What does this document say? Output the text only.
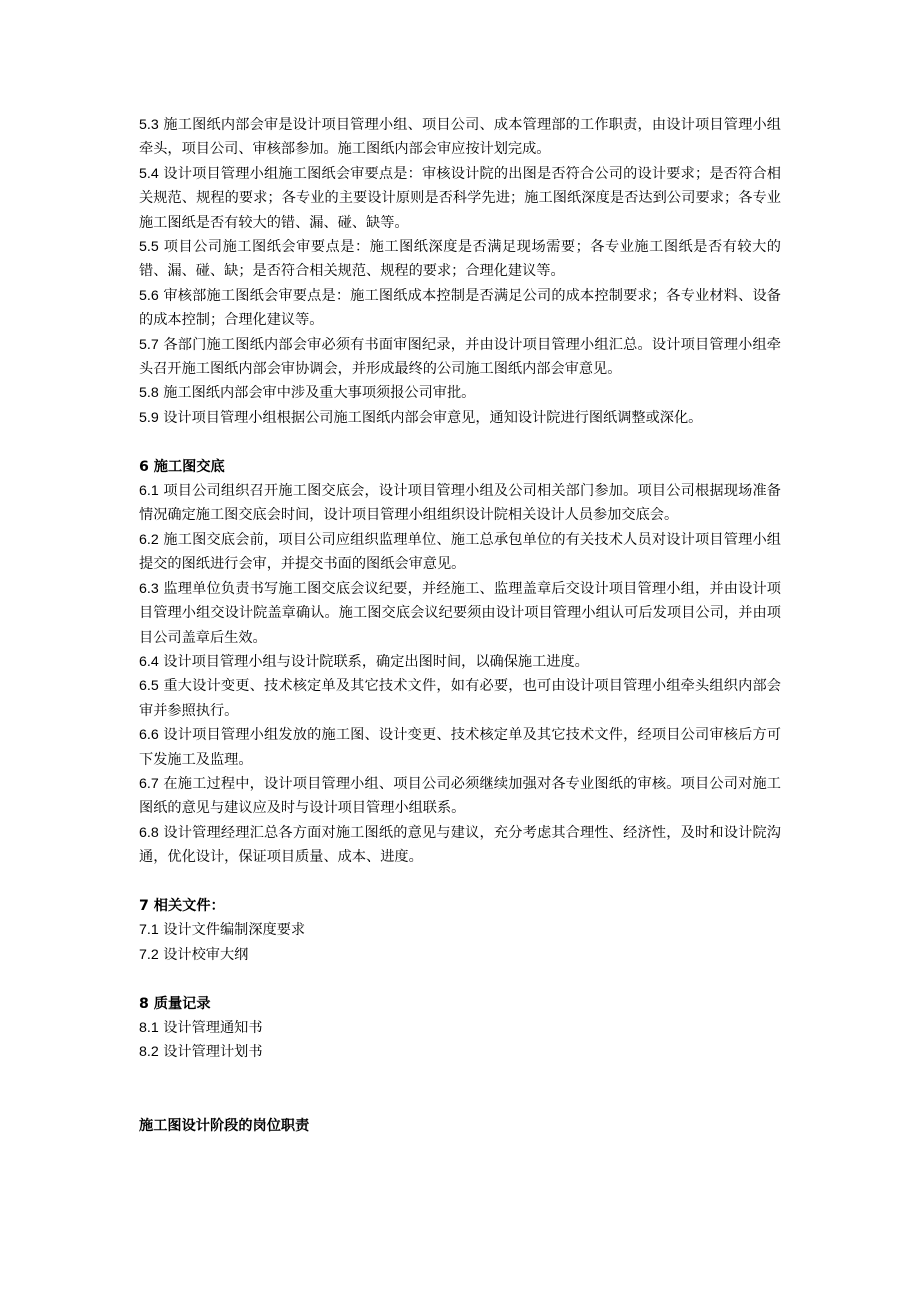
5.3 施工图纸内部会审是设计项目管理小组、项目公司、成本管理部的工作职责，由设计项目管理小组牵头，项目公司、审核部参加。施工图纸内部会审应按计划完成。

5.4 设计项目管理小组施工图纸会审要点是：审核设计院的出图是否符合公司的设计要求；是否符合相关规范、规程的要求；各专业的主要设计原则是否科学先进；施工图纸深度是否达到公司要求；各专业施工图纸是否有较大的错、漏、碰、缺等。

5.5 项目公司施工图纸会审要点是：施工图纸深度是否满足现场需要；各专业施工图纸是否有较大的错、漏、碰、缺；是否符合相关规范、规程的要求；合理化建议等。

5.6 审核部施工图纸会审要点是：施工图纸成本控制是否满足公司的成本控制要求；各专业材料、设备的成本控制；合理化建议等。

5.7 各部门施工图纸内部会审必须有书面审图纪录，并由设计项目管理小组汇总。设计项目管理小组牵头召开施工图纸内部会审协调会，并形成最终的公司施工图纸内部会审意见。

5.8 施工图纸内部会审中涉及重大事项须报公司审批。

5.9 设计项目管理小组根据公司施工图纸内部会审意见，通知设计院进行图纸调整或深化。

6 施工图交底

6.1 项目公司组织召开施工图交底会，设计项目管理小组及公司相关部门参加。项目公司根据现场准备情况确定施工图交底会时间，设计项目管理小组组织设计院相关设计人员参加交底会。

6.2 施工图交底会前，项目公司应组织监理单位、施工总承包单位的有关技术人员对设计项目管理小组提交的图纸进行会审，并提交书面的图纸会审意见。

6.3 监理单位负责书写施工图交底会议纪要，并经施工、监理盖章后交设计项目管理小组，并由设计项目管理小组交设计院盖章确认。施工图交底会议纪要须由设计项目管理小组认可后发项目公司，并由项目公司盖章后生效。

6.4 设计项目管理小组与设计院联系，确定出图时间，以确保施工进度。

6.5 重大设计变更、技术核定单及其它技术文件，如有必要，也可由设计项目管理小组牵头组织内部会审并参照执行。

6.6 设计项目管理小组发放的施工图、设计变更、技术核定单及其它技术文件，经项目公司审核后方可下发施工及监理。

6.7 在施工过程中，设计项目管理小组、项目公司必须继续加强对各专业图纸的审核。项目公司对施工图纸的意见与建议应及时与设计项目管理小组联系。

6.8 设计管理经理汇总各方面对施工图纸的意见与建议，充分考虑其合理性、经济性，及时和设计院沟通，优化设计，保证项目质量、成本、进度。

7 相关文件：

7.1 设计文件编制深度要求

7.2 设计校审大纲

8 质量记录

8.1 设计管理通知书

8.2 设计管理计划书

施工图设计阶段的岗位职责
